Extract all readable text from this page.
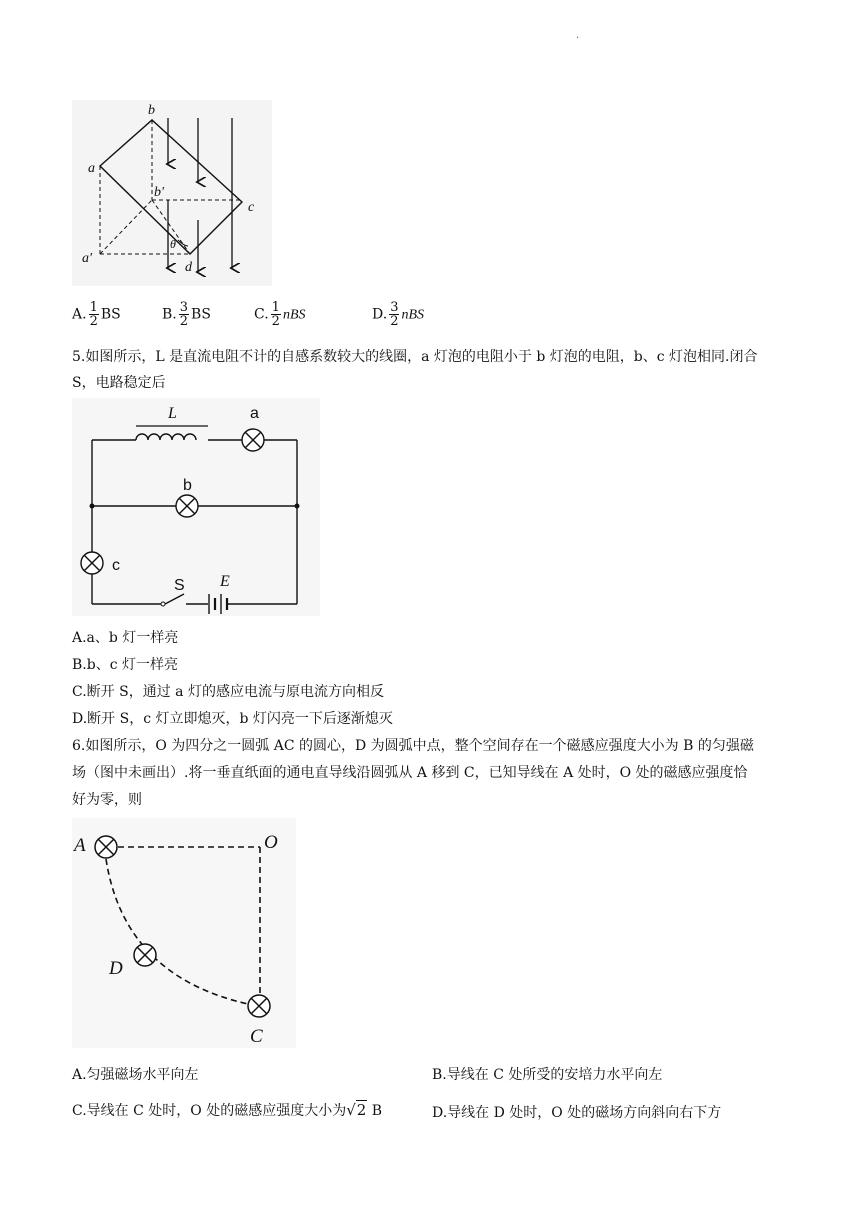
.
b
a
b′
c
a′
θ
d
A. $\frac{1}{2}$ BS	B. $\frac{3}{2}$ BS	C. $\frac{1}{2}$ nBS	D. $\frac{3}{2}$ nBS
5.如图所示，L 是直流电阻不计的自感系数较大的线圈，a 灯泡的电阻小于 b 灯泡的电阻，b、c 灯泡相同.闭合
S，电路稳定后
L	a
b
c
S E
A.a、b 灯一样亮
B.b、c 灯一样亮
C.断开 S，通过 a 灯的感应电流与原电流方向相反
D.断开 S，c 灯立即熄灭，b 灯闪亮一下后逐渐熄灭
6.如图所示，O 为四分之一圆弧 AC 的圆心，D 为圆弧中点，整个空间存在一个磁感应强度大小为 B 的匀强磁
场（图中未画出）.将一垂直纸面的通电直导线沿圆弧从 A 移到 C，已知导线在 A 处时，O 处的磁感应强度恰
好为零，则
A	O
D
C
A.匀强磁场水平向左	B.导线在 C 处所受的安培力水平向左
C.导线在 C 处时，O 处的磁感应强度大小为√2 B	D.导线在 D 处时，O 处的磁场方向斜向右下方
